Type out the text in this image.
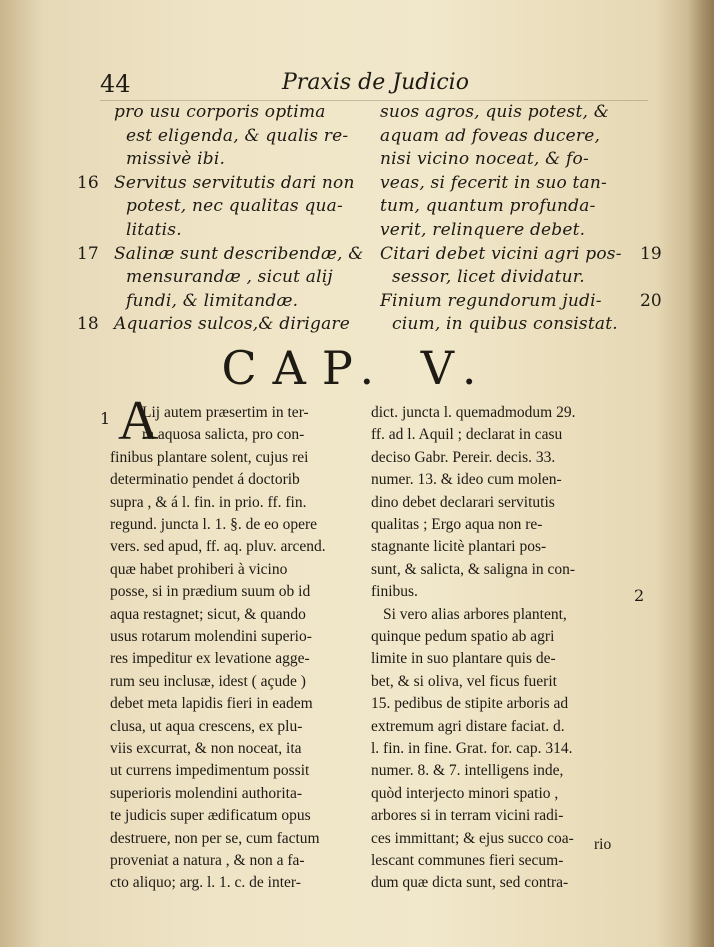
44	Praxis de Judicio
CAP. V.
A
1
2
rio
pro usu corporis optima
est eligenda, & qualis re-
missivè ibi.
Servitus servitutis dari non
potest, nec qualitas qua-
litatis.
Salinæ sunt describendæ, &
mensurandæ , sicut alij
fundi, & limitandæ.
Aquarios sulcos,& dirigare
16
17
18
suos agros, quis potest, &
aquam ad foveas ducere,
nisi vicino noceat, & fo-
veas, si fecerit in suo tan-
tum, quantum profunda-
verit, relinquere debet.
Citari debet vicini agri pos-
sessor, licet dividatur.
Finium regundorum judi-
cium, in quibus consistat.
19
20
Lij autem præsertim in ter-
ra aquosa salicta, pro con-
finibus plantare solent, cujus rei
determinatio pendet á doctorib
supra , & á l. fin. in prio. ff. fin.
regund. juncta l. 1. §. de eo opere
vers. sed apud, ff. aq. pluv. arcend.
quæ habet prohiberi à vicino
posse, si in prædium suum ob id
aqua restagnet; sicut, & quando
usus rotarum molendini superio-
res impeditur ex levatione agge-
rum seu inclusæ, idest ( açude )
debet meta lapidis fieri in eadem
clusa, ut aqua crescens, ex plu-
viis excurrat, & non noceat, ita
ut currens impedimentum possit
superioris molendini authorita-
te judicis super ædificatum opus
destruere, non per se, cum factum
proveniat a natura , & non a fa-
cto aliquo; arg. l. 1. c. de inter-
dict. juncta l. quemadmodum 29.
ff. ad l. Aquil ; declarat in casu
deciso Gabr. Pereir. decis. 33.
numer. 13. & ideo cum molen-
dino debet declarari servitutis
qualitas ; Ergo aqua non re-
stagnante licitè plantari pos-
sunt, & salicta, & saligna in con-
finibus.
Si vero alias arbores plantent,
quinque pedum spatio ab agri
limite in suo plantare quis de-
bet, & si oliva, vel ficus fuerit
15. pedibus de stipite arboris ad
extremum agri distare faciat. d.
l. fin. in fine. Grat. for. cap. 314.
numer. 8. & 7. intelligens inde,
quòd interjecto minori spatio ,
arbores si in terram vicini radi-
ces immittant; & ejus succo coa-
lescant communes fieri secum-
dum quæ dicta sunt, sed contra-
